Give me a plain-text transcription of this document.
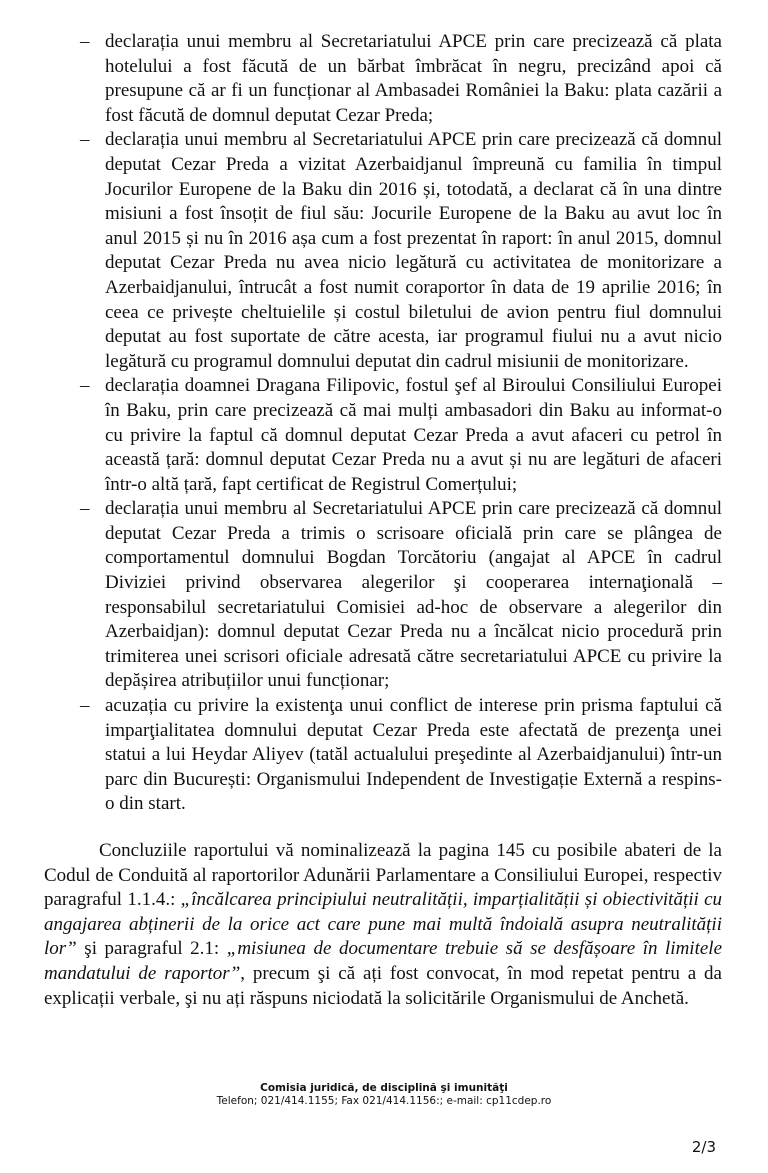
– declarația unui membru al Secretariatului APCE prin care precizează că plata hotelului a fost făcută de un bărbat îmbrăcat în negru, precizând apoi că presupune că ar fi un funcționar al Ambasadei României la Baku: plata cazării a fost făcută de domnul deputat Cezar Preda;

– declarația unui membru al Secretariatului APCE prin care precizează că domnul deputat Cezar Preda a vizitat Azerbaidjanul împreună cu familia în timpul Jocurilor Europene de la Baku din 2016 și, totodată, a declarat că în una dintre misiuni a fost însoțit de fiul său: Jocurile Europene de la Baku au avut loc în anul 2015 și nu în 2016 așa cum a fost prezentat în raport: în anul 2015, domnul deputat Cezar Preda nu avea nicio legătură cu activitatea de monitorizare a Azerbaidjanului, întrucât a fost numit coraportor în data de 19 aprilie 2016; în ceea ce privește cheltuielile și costul biletului de avion pentru fiul domnului deputat au fost suportate de către acesta, iar programul fiului nu a avut nicio legătură cu programul domnului deputat din cadrul misiunii de monitorizare.

– declarația doamnei Dragana Filipovic, fostul şef al Biroului Consiliului Europei în Baku, prin care precizează că mai mulți ambasadori din Baku au informat-o cu privire la faptul că domnul deputat Cezar Preda a avut afaceri cu petrol în această țară: domnul deputat Cezar Preda nu a avut și nu are legături de afaceri într-o altă țară, fapt certificat de Registrul Comerțului;

– declarația unui membru al Secretariatului APCE prin care precizează că domnul deputat Cezar Preda a trimis o scrisoare oficială prin care se plângea de comportamentul domnului Bogdan Torcătoriu (angajat al APCE în cadrul Diviziei privind observarea alegerilor şi cooperarea internaţională – responsabilul secretariatului Comisiei ad-hoc de observare a alegerilor din Azerbaidjan): domnul deputat Cezar Preda nu a încălcat nicio procedură prin trimiterea unei scrisori oficiale adresată către secretariatului APCE cu privire la depășirea atribuțiilor unui funcționar;

– acuzația cu privire la existenţa unui conflict de interese prin prisma faptului că imparţialitatea domnului deputat Cezar Preda este afectată de prezenţa unei statui a lui Heydar Aliyev (tatăl actualului preşedinte al Azerbaidjanului) într-un parc din București: Organismului Independent de Investigație Externă a respins-o din start.

Concluziile raportului vă nominalizează la pagina 145 cu posibile abateri de la Codul de Conduită al raportorilor Adunării Parlamentare a Consiliului Europei, respectiv paragraful 1.1.4.: „încălcarea principiului neutralității, imparțialității și obiectivității cu angajarea abținerii de la orice act care pune mai multă îndoială asupra neutralității lor” şi paragraful 2.1: „misiunea de documentare trebuie să se desfășoare în limitele mandatului de raportor”, precum şi că ați fost convocat, în mod repetat pentru a da explicații verbale, şi nu ați răspuns niciodată la solicitările Organismului de Anchetă.

Comisia juridică, de disciplină şi imunităţi
Telefon; 021/414.1155; Fax 021/414.1156:; e-mail: cp11cdep.ro
2/3
